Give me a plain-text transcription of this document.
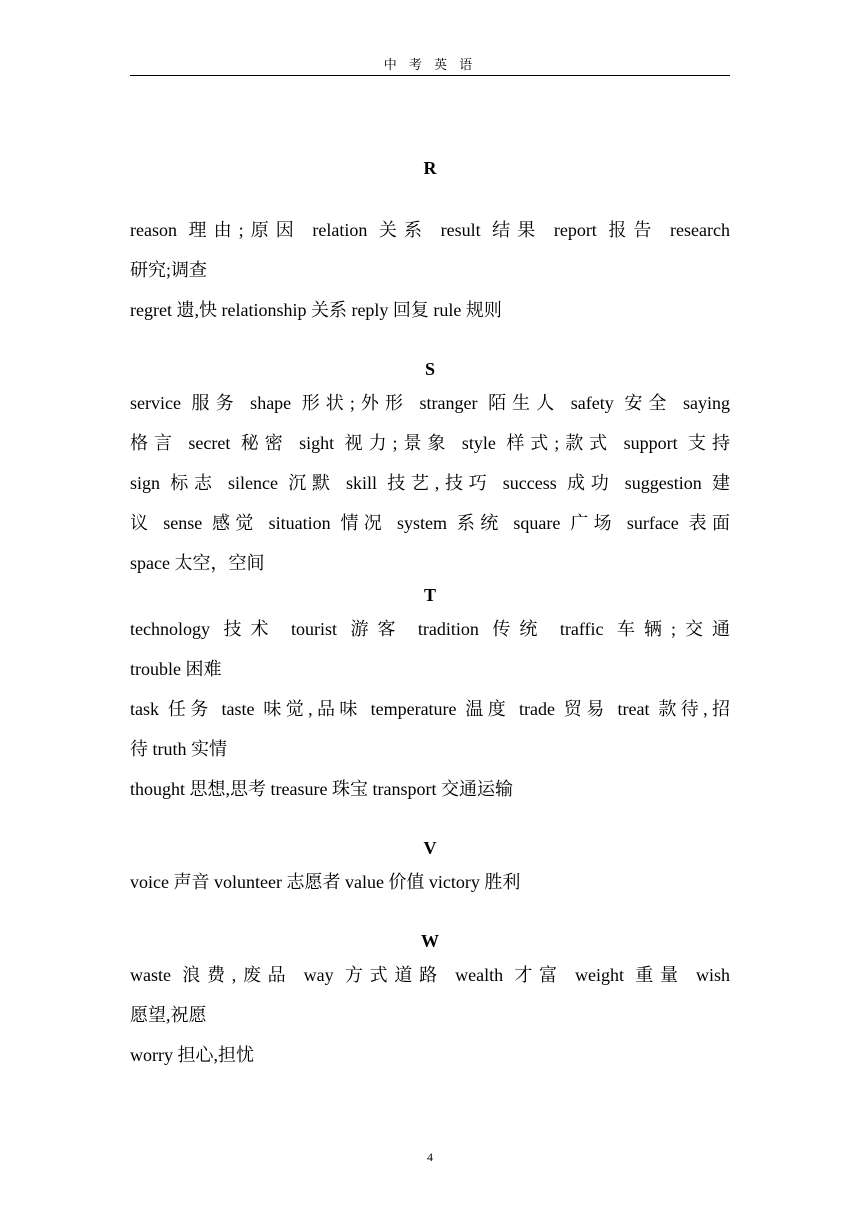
中 考 英 语
R
reason 理由;原因 relation 关系 result 结果 report 报告 research
研究;调查
regret 遗,快 relationship 关系 reply 回复 rule 规则
S
service 服务 shape 形状;外形 stranger 陌生人 safety 安全 saying
格言 secret 秘密 sight 视力;景象 style 样式;款式 support 支持
sign 标志 silence 沉默 skill 技艺,技巧 success 成功 suggestion 建
议 sense 感觉 situation 情况 system 系统 square 广场 surface 表面
space 太空，空间
T
technology 技术 tourist 游客 tradition 传统 traffic 车辆;交通
trouble 困难
task 任务 taste 味觉,品味 temperature 温度 trade 贸易 treat 款待,招
待 truth 实情
thought 思想,思考 treasure 珠宝 transport 交通运输
V
voice 声音 volunteer 志愿者 value 价值 victory 胜利
W
waste 浪费,废品 way 方式道路 wealth 才富 weight 重量 wish
愿望,祝愿
worry 担心,担忧
4
